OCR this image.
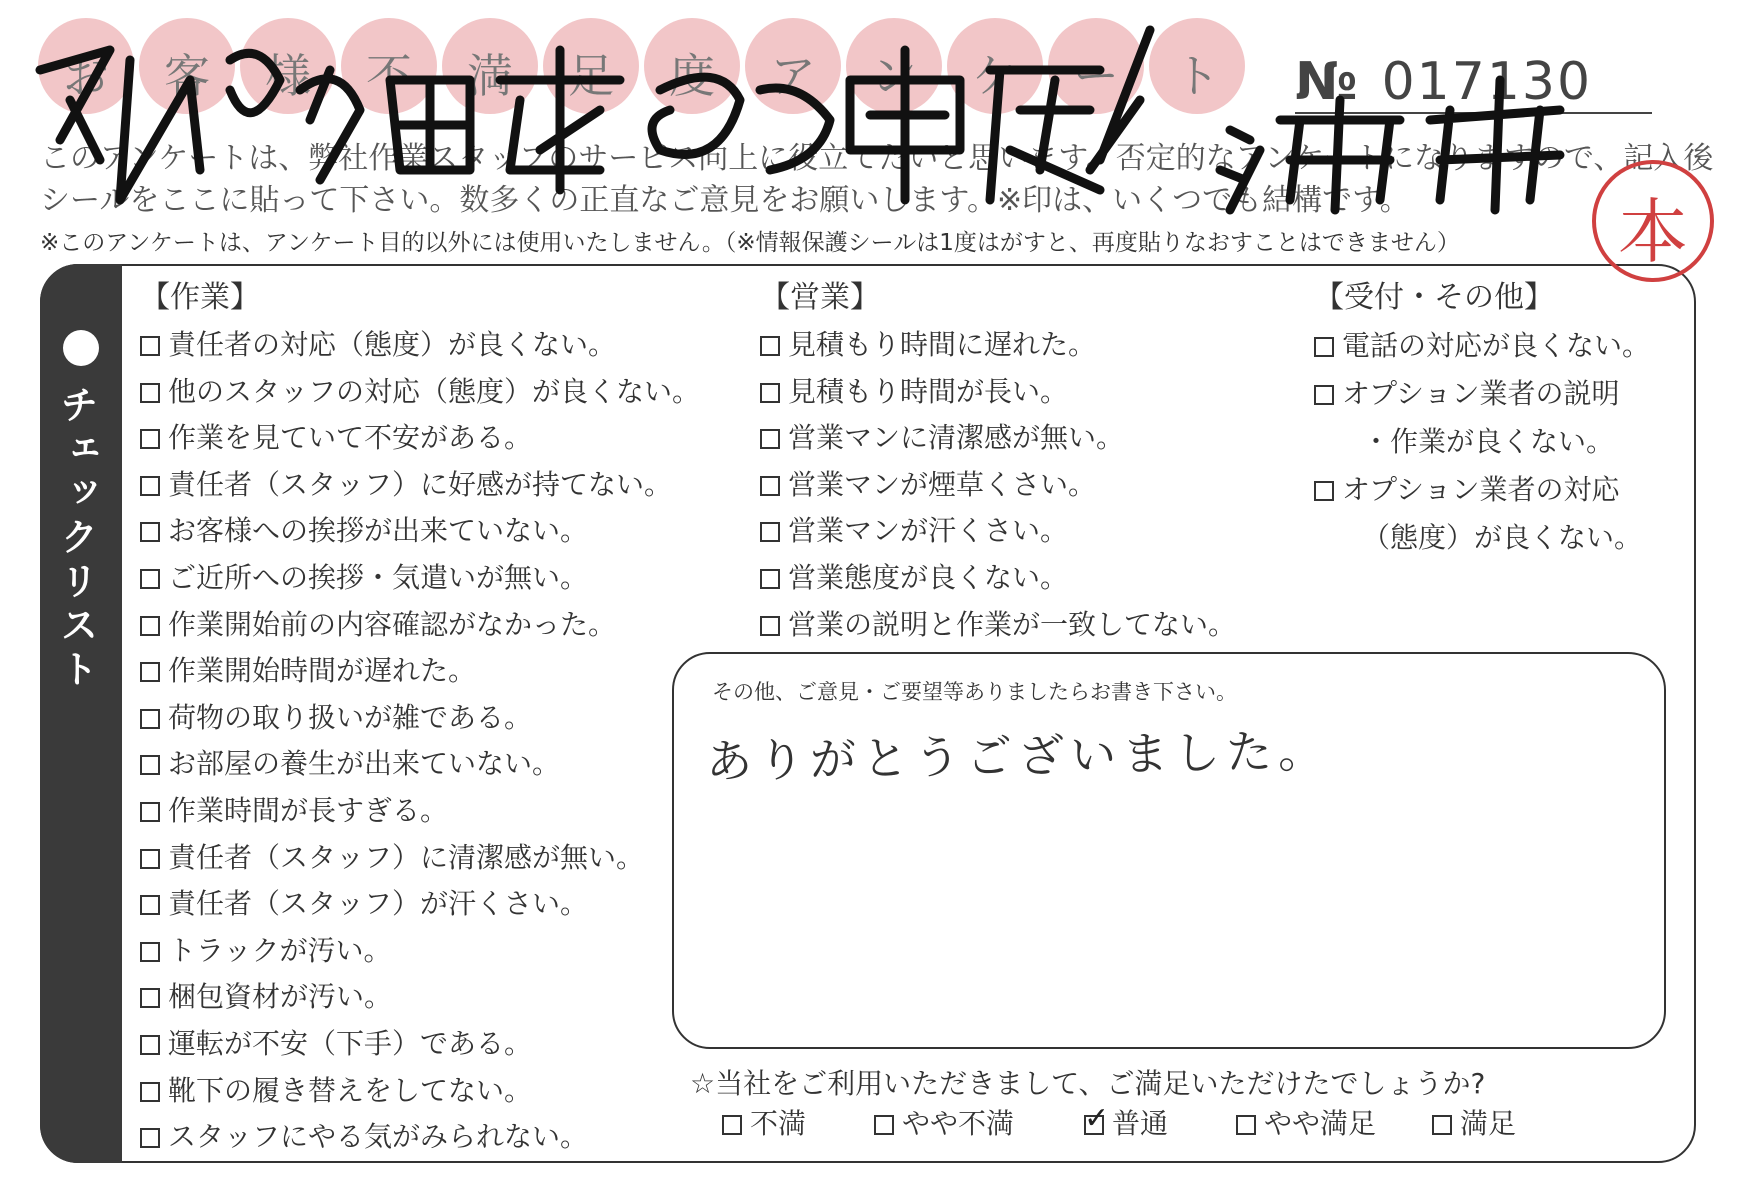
お	客	様	不	満	足	度	ア	ン	ケ	ー	ト	№ 017130
このアンケートは、弊社作業スタッフのサービス向上に役立てたいと思います。否定的なアンケートになりますので、記入後シールをここに貼って下さい。数多くの正直なご意見をお願いします。※印は、いくつでも結構です。
※このアンケートは、アンケート目的以外には使用いたしません。（※情報保護シールは1度はがすと、再度貼りなおすことはできません）
チェックリスト
【作業】
責任者の対応（態度）が良くない。
他のスタッフの対応（態度）が良くない。
作業を見ていて不安がある。
責任者（スタッフ）に好感が持てない。
お客様への挨拶が出来ていない。
ご近所への挨拶・気遣いが無い。
作業開始前の内容確認がなかった。
作業開始時間が遅れた。
荷物の取り扱いが雑である。
お部屋の養生が出来ていない。
作業時間が長すぎる。
責任者（スタッフ）に清潔感が無い。
責任者（スタッフ）が汗くさい。
トラックが汚い。
梱包資材が汚い。
運転が不安（下手）である。
靴下の履き替えをしてない。
スタッフにやる気がみられない。
【営業】
見積もり時間に遅れた。
見積もり時間が長い。
営業マンに清潔感が無い。
営業マンが煙草くさい。
営業マンが汗くさい。
営業態度が良くない。
営業の説明と作業が一致してない。
【受付・その他】
電話の対応が良くない。
オプション業者の説明
・作業が良くない。
オプション業者の対応
（態度）が良くない。
その他、ご意見・ご要望等ありましたらお書き下さい。
ありがとうございました。
☆当社をご利用いただきまして、ご満足いただけたでしょうか?
不満	やや不満 ✓ 普通	やや満足	満足
本
